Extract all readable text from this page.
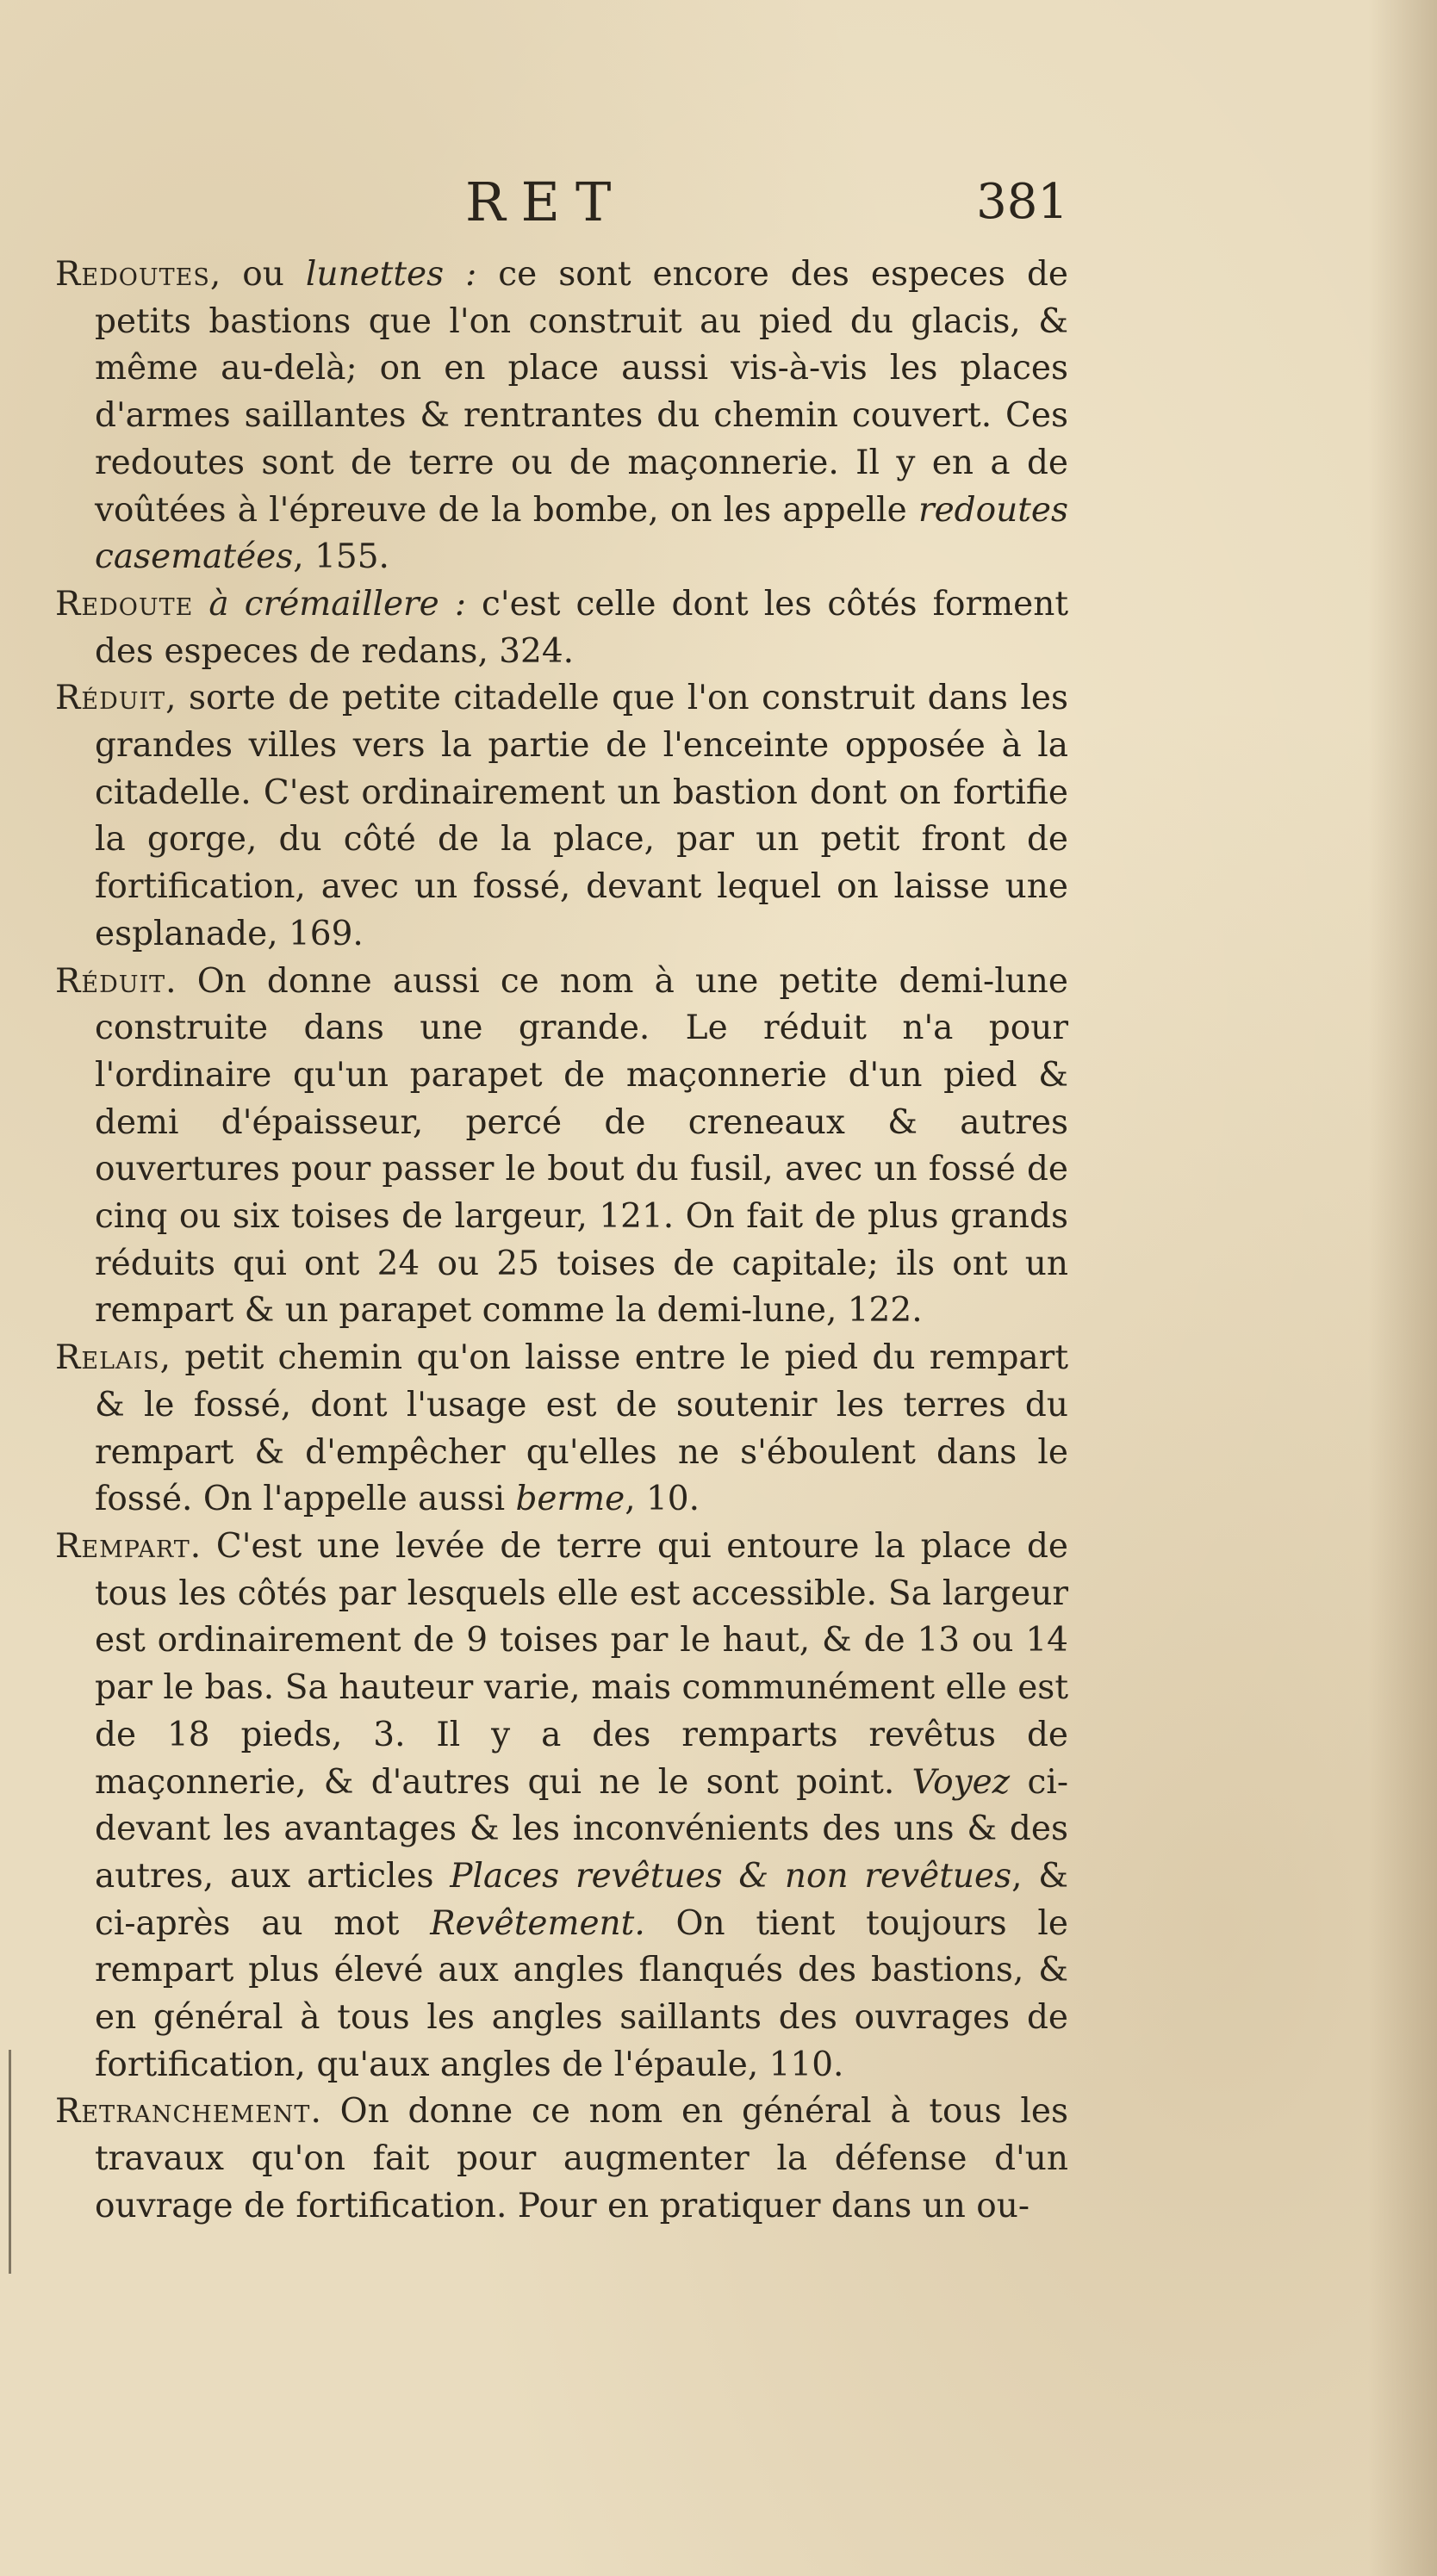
RET	381

Redoutes, ou lunettes : ce sont encore des especes de petits bastions que l'on construit au pied du glacis, & même au-delà; on en place aussi vis-à-vis les places d'armes saillantes & rentrantes du chemin couvert. Ces redoutes sont de terre ou de maçonnerie. Il y en a de voûtées à l'épreuve de la bombe, on les appelle redoutes casematées, 155.

Redoute à crémaillere : c'est celle dont les côtés forment des especes de redans, 324.

Réduit, sorte de petite citadelle que l'on construit dans les grandes villes vers la partie de l'enceinte opposée à la citadelle. C'est ordinairement un bastion dont on fortifie la gorge, du côté de la place, par un petit front de fortification, avec un fossé, devant lequel on laisse une esplanade, 169.

Réduit. On donne aussi ce nom à une petite demi-lune construite dans une grande. Le réduit n'a pour l'ordinaire qu'un parapet de maçonnerie d'un pied & demi d'épaisseur, percé de creneaux & autres ouvertures pour passer le bout du fusil, avec un fossé de cinq ou six toises de largeur, 121. On fait de plus grands réduits qui ont 24 ou 25 toises de capitale; ils ont un rempart & un parapet comme la demi-lune, 122.

Relais, petit chemin qu'on laisse entre le pied du rempart & le fossé, dont l'usage est de soutenir les terres du rempart & d'empêcher qu'elles ne s'éboulent dans le fossé. On l'appelle aussi berme, 10.

Rempart. C'est une levée de terre qui entoure la place de tous les côtés par lesquels elle est accessible. Sa largeur est ordinairement de 9 toises par le haut, & de 13 ou 14 par le bas. Sa hauteur varie, mais communément elle est de 18 pieds, 3. Il y a des remparts revêtus de maçonnerie, & d'autres qui ne le sont point. Voyez ci-devant les avantages & les inconvénients des uns & des autres, aux articles Places revêtues & non revêtues, & ci-après au mot Revêtement. On tient toujours le rempart plus élevé aux angles flanqués des bastions, & en général à tous les angles saillants des ouvrages de fortification, qu'aux angles de l'épaule, 110.

Retranchement. On donne ce nom en général à tous les travaux qu'on fait pour augmenter la défense d'un ouvrage de fortification. Pour en pratiquer dans un ou-
